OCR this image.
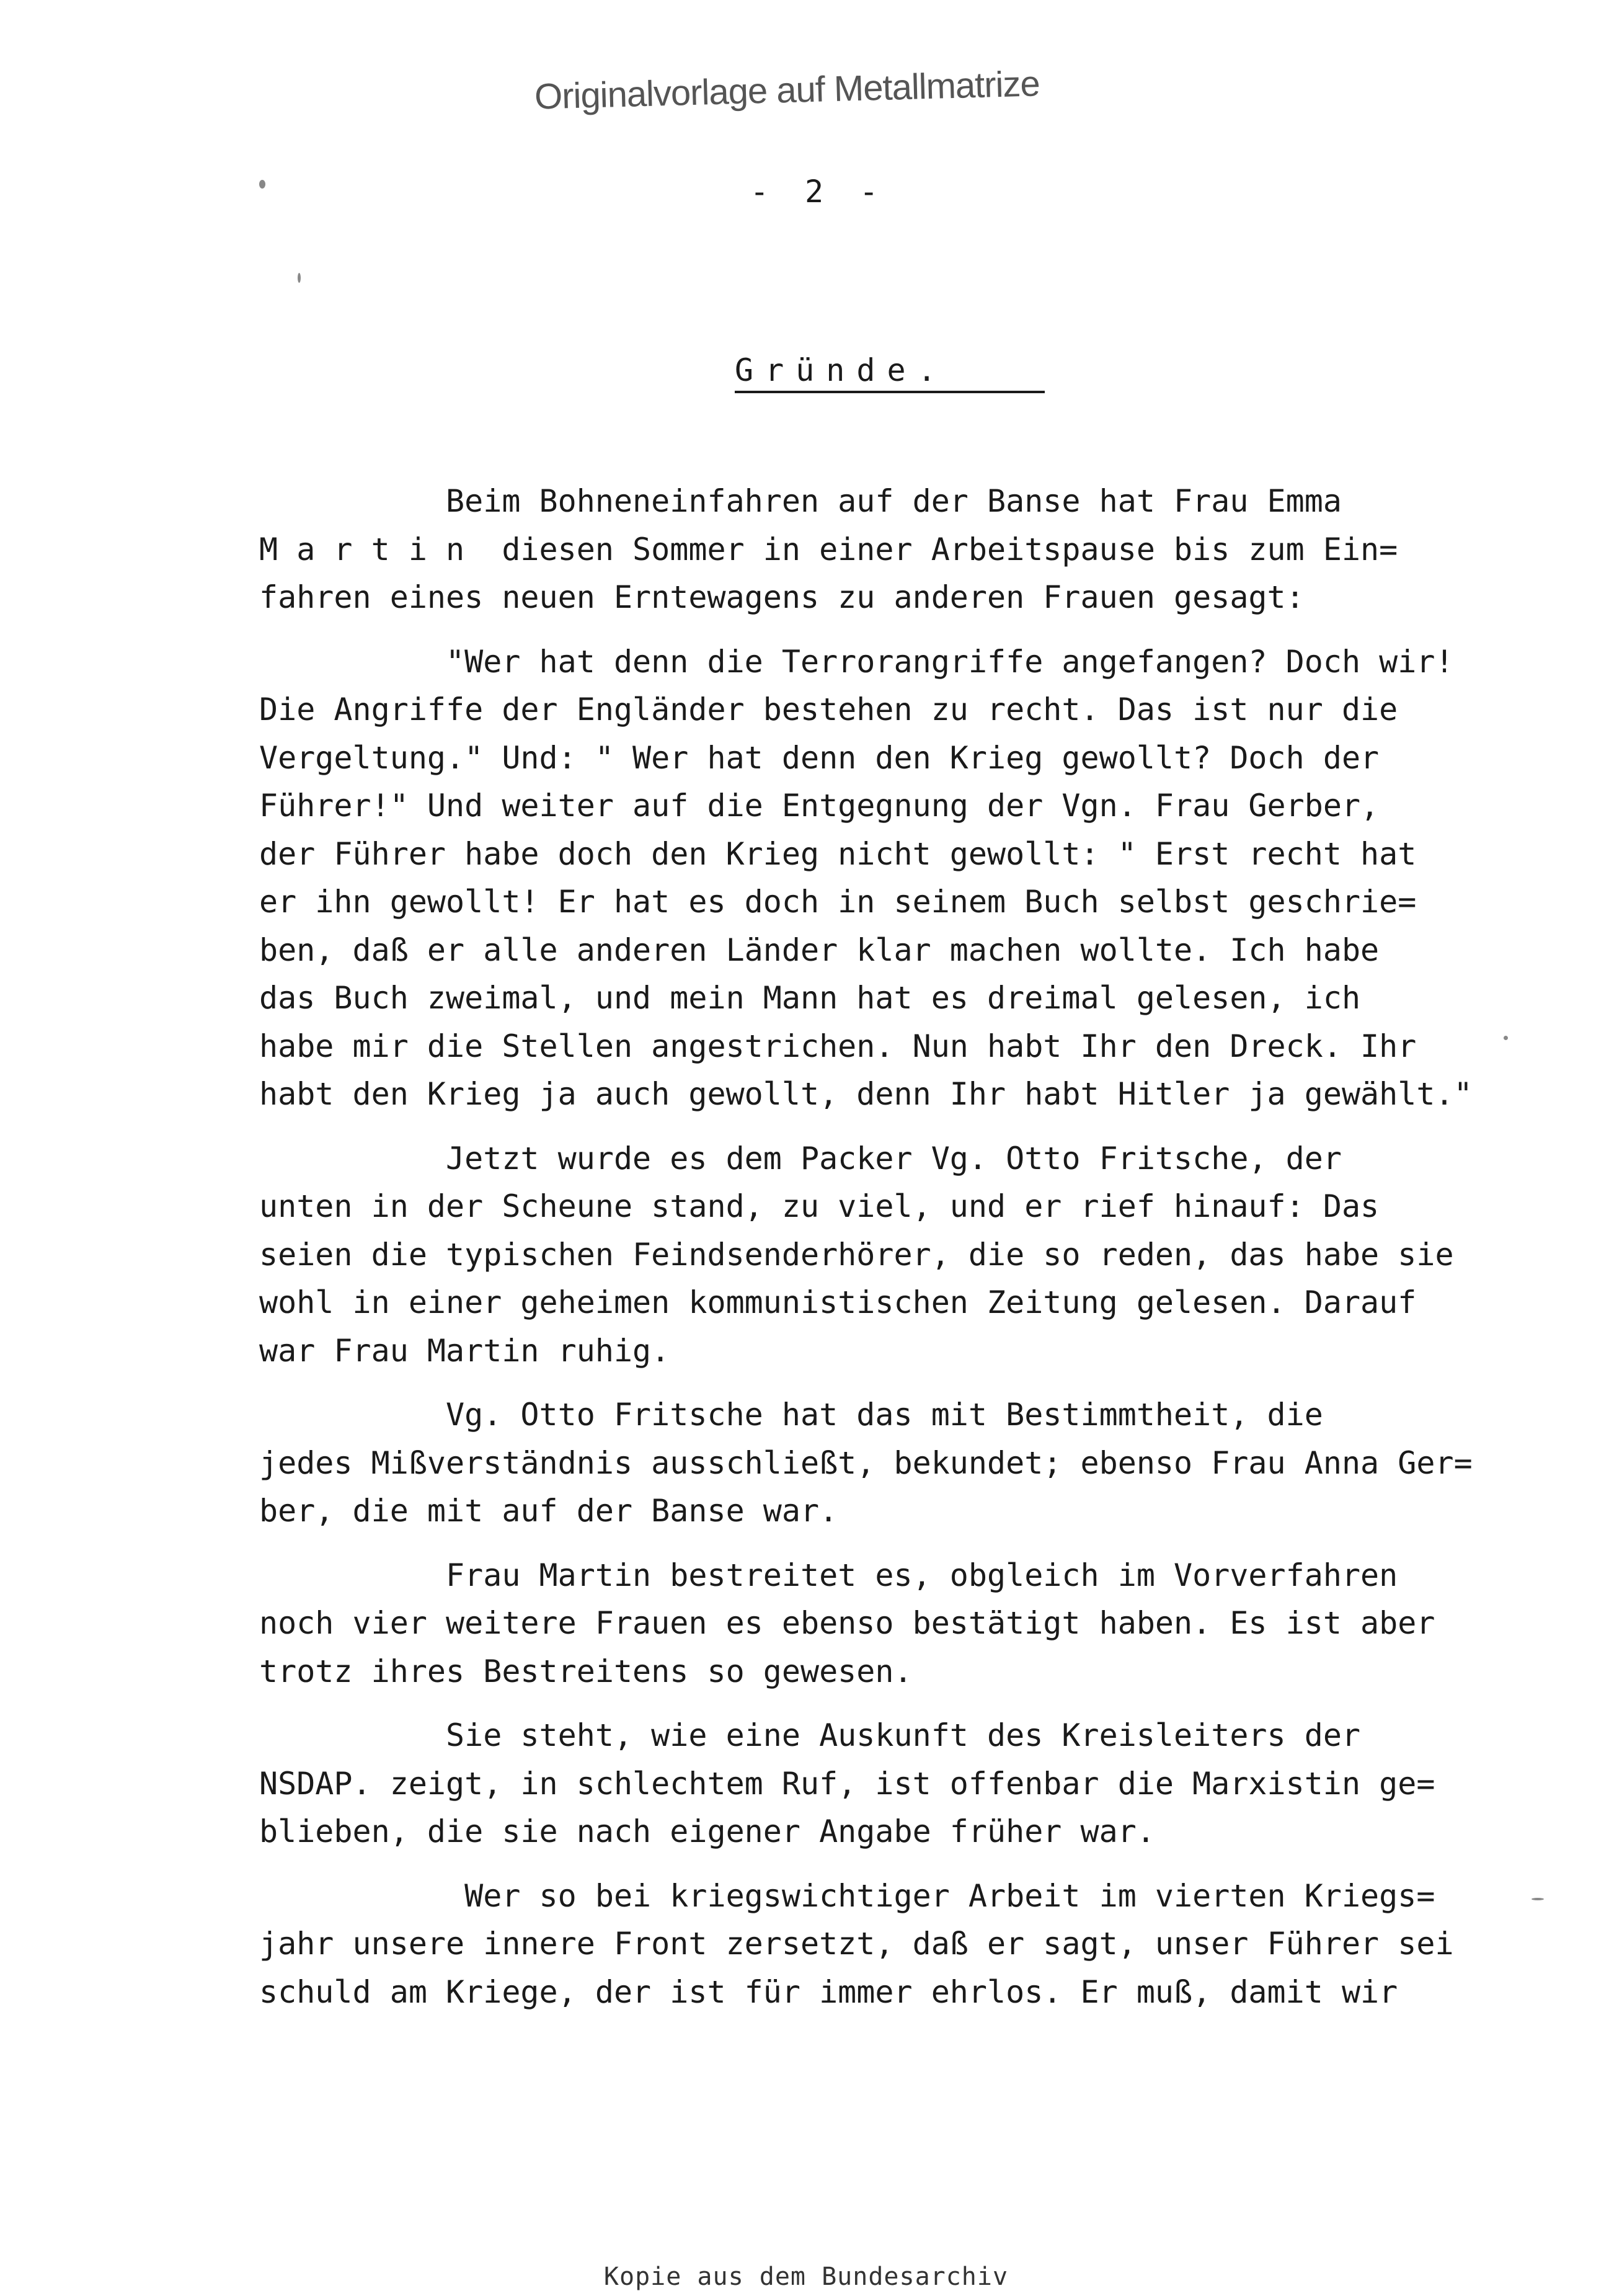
Originalvorlage auf Metallmatrize
- 2 -
Gründe.

Beim Bohneneinfahren auf der Banse hat Frau Emma
M a r t i n  diesen Sommer in einer Arbeitspause bis zum Ein=
fahren eines neuen Erntewagens zu anderen Frauen gesagt:

"Wer hat denn die Terrorangriffe angefangen? Doch wir!
Die Angriffe der Engländer bestehen zu recht. Das ist nur die
Vergeltung." Und: " Wer hat denn den Krieg gewollt? Doch der
Führer!" Und weiter auf die Entgegnung der Vgn. Frau Gerber,
der Führer habe doch den Krieg nicht gewollt: " Erst recht hat
er ihn gewollt! Er hat es doch in seinem Buch selbst geschrie=
ben, daß er alle anderen Länder klar machen wollte. Ich habe
das Buch zweimal, und mein Mann hat es dreimal gelesen, ich
habe mir die Stellen angestrichen. Nun habt Ihr den Dreck. Ihr
habt den Krieg ja auch gewollt, denn Ihr habt Hitler ja gewählt."

Jetzt wurde es dem Packer Vg. Otto Fritsche, der
unten in der Scheune stand, zu viel, und er rief hinauf: Das
seien die typischen Feindsenderhörer, die so reden, das habe sie
wohl in einer geheimen kommunistischen Zeitung gelesen. Darauf
war Frau Martin ruhig.

Vg. Otto Fritsche hat das mit Bestimmtheit, die
jedes Mißverständnis ausschließt, bekundet; ebenso Frau Anna Ger=
ber, die mit auf der Banse war.

Frau Martin bestreitet es, obgleich im Vorverfahren
noch vier weitere Frauen es ebenso bestätigt haben. Es ist aber
trotz ihres Bestreitens so gewesen.

Sie steht, wie eine Auskunft des Kreisleiters der
NSDAP. zeigt, in schlechtem Ruf, ist offenbar die Marxistin ge=
blieben, die sie nach eigener Angabe früher war.

Wer so bei kriegswichtiger Arbeit im vierten Kriegs=
jahr unsere innere Front zersetzt, daß er sagt, unser Führer sei
schuld am Kriege, der ist für immer ehrlos. Er muß, damit wir

Kopie aus dem Bundesarchiv
